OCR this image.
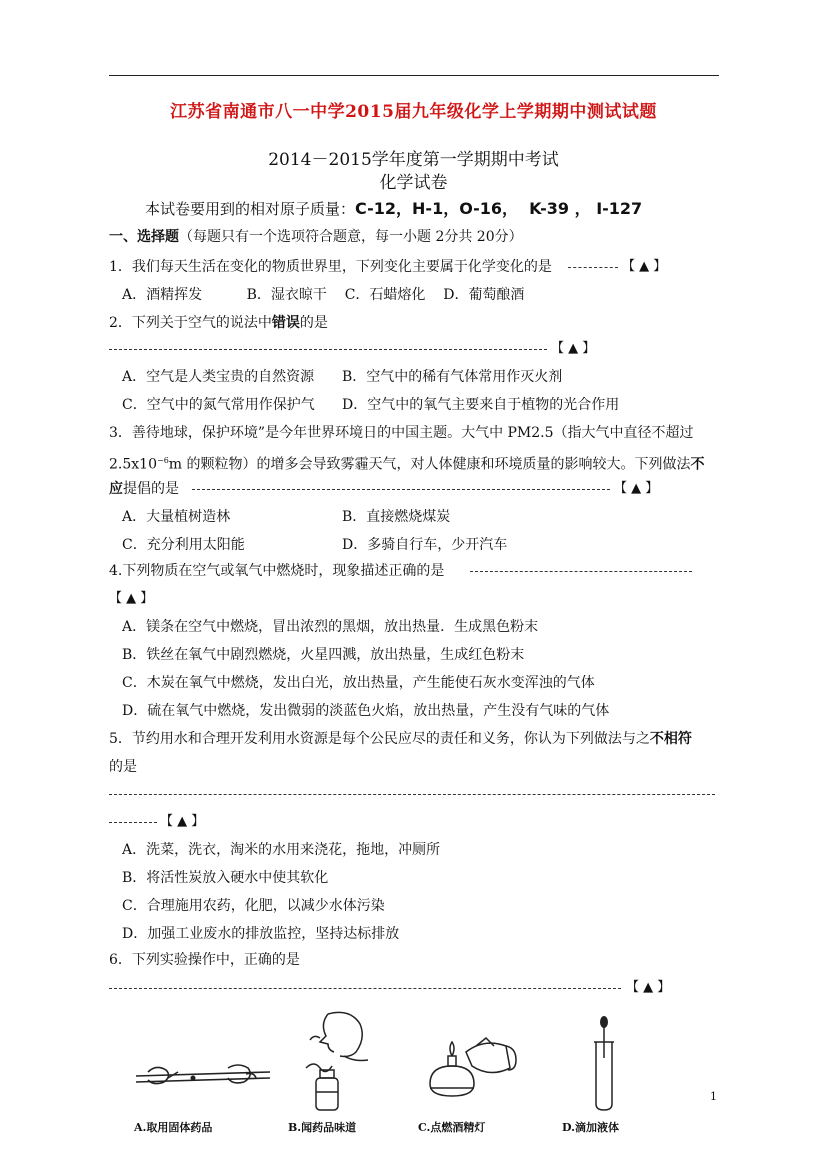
江苏省南通市八一中学2015届九年级化学上学期期中测试试题
2014－2015学年度第一学期期中考试
化学试卷
本试卷要用到的相对原子质量：C-12，H-1，O-16，  K-39 ， I-127
一、选择题（每题只有一个选项符合题意，每一小题 2分共 20分）
1．我们每天生活在变化的物质世界里，下列变化主要属于化学变化的是	【 ▲ 】
A．酒精挥发          B．湿衣晾干    C．石蜡熔化    D．葡萄酿酒
2．下列关于空气的说法中错误的是
【 ▲ 】
A．空气是人类宝贵的自然资源 B．空气中的稀有气体常用作灭火剂
C．空气中的氮气常用作保护气 D．空气中的氧气主要来自于植物的光合作用
3．善待地球，保护环境”是今年世界环境日的中国主题。大气中 PM2.5（指大气中直径不超过
$2.5x10^{-6}m$ 的颗粒物）的增多会导致雾霾天气，对人体健康和环境质量的影响较大。下列做法不
应提倡的是	【 ▲ 】
A．大量植树造林	B．直接燃烧煤炭
C．充分利用太阳能	D．多骑自行车，少开汽车
4.下列物质在空气或氧气中燃烧时，现象描述正确的是
【 ▲ 】
A．镁条在空气中燃烧，冒出浓烈的黑烟，放出热量．生成黑色粉末
B．铁丝在氧气中剧烈燃烧，火星四溅，放出热量，生成红色粉末
C．木炭在氧气中燃烧，发出白光，放出热量，产生能使石灰水变浑浊的气体
D．硫在氧气中燃烧，发出微弱的淡蓝色火焰，放出热量，产生没有气味的气体
5．节约用水和合理开发利用水资源是每个公民应尽的责任和义务，你认为下列做法与之不相符
的是
【 ▲ 】
A．洗菜，洗衣，淘米的水用来浇花，拖地，冲厕所
B．将活性炭放入硬水中使其软化
C．合理施用农药，化肥，以减少水体污染
D．加强工业废水的排放监控，坚持达标排放
6．下列实验操作中，正确的是
【 ▲ 】
A.取用固体药品	B.闻药品味道	C.点燃酒精灯	D.滴加液体
1
